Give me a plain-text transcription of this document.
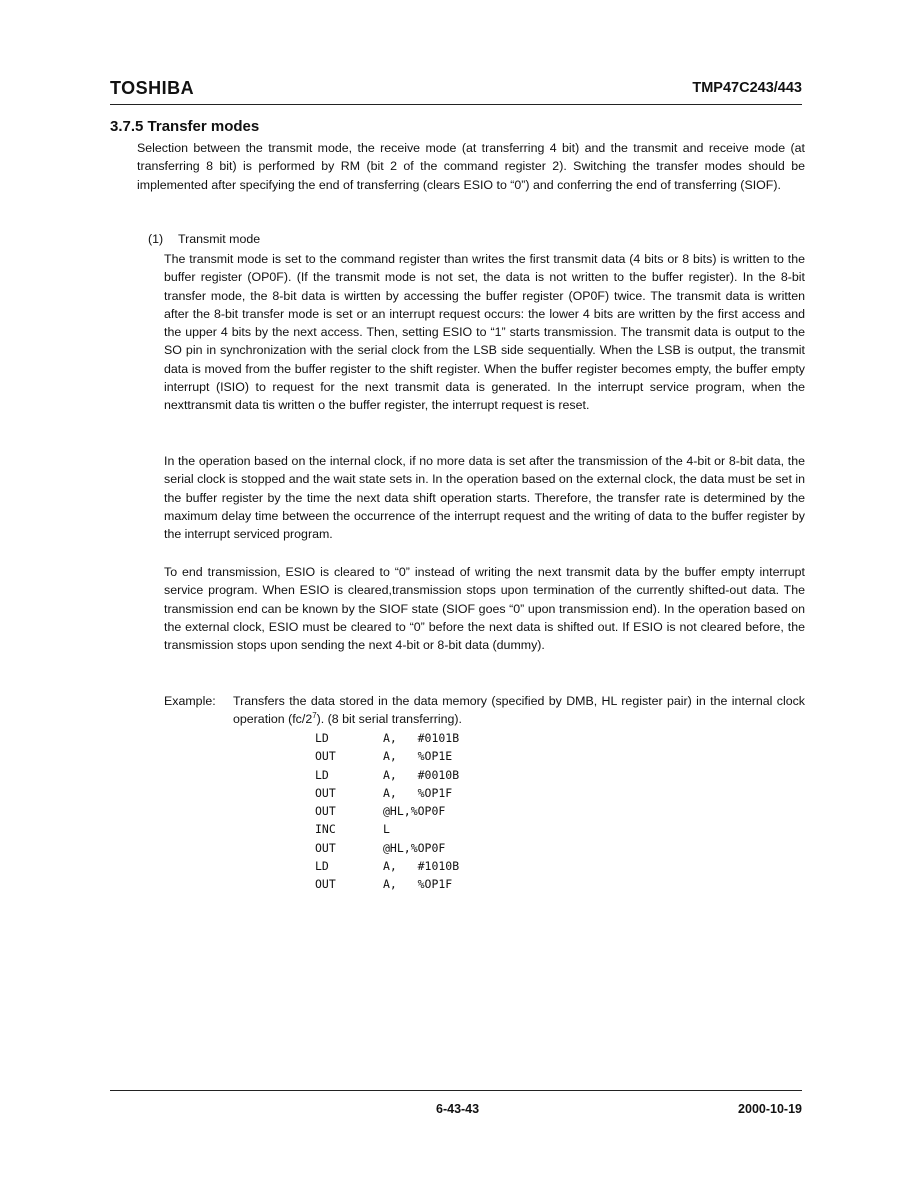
TOSHIBA	TMP47C243/443
3.7.5 Transfer modes

Selection between the transmit mode, the receive mode (at transferring 4 bit) and the transmit and receive mode (at transferring 8 bit) is performed by RM (bit 2 of the command register 2). Switching the transfer modes should be implemented after specifying the end of transferring (clears ESIO to “0”) and conferring the end of transferring (SIOF).

(1) Transmit mode

The transmit mode is set to the command register than writes the first transmit data (4 bits or 8 bits) is written to the buffer register (OP0F). (If the transmit mode is not set, the data is not written to the buffer register). In the 8-bit transfer mode, the 8-bit data is wirtten by accessing the buffer register (OP0F) twice. The transmit data is written after the 8-bit transfer mode is set or an interrupt request occurs: the lower 4 bits are written by the first access and the upper 4 bits by the next access. Then, setting ESIO to “1” starts transmission. The transmit data is output to the SO pin in synchronization with the serial clock from the LSB side sequentially. When the LSB is output, the transmit data is moved from the buffer register to the shift register. When the buffer register becomes empty, the buffer empty interrupt (ISIO) to request for the next transmit data is generated. In the interrupt service program, when the nexttransmit data tis written o the buffer register, the interrupt request is reset.

In the operation based on the internal clock, if no more data is set after the transmission of the 4-bit or 8-bit data, the serial clock is stopped and the wait state sets in. In the operation based on the external clock, the data must be set in the buffer register by the time the next data shift operation starts. Therefore, the transfer rate is determined by the maximum delay time between the occurrence of the interrupt request and the writing of data to the buffer register by the interrupt serviced program.

To end transmission, ESIO is cleared to “0” instead of writing the next transmit data by the buffer empty interrupt service program. When ESIO is cleared,transmission stops upon termination of the currently shifted-out data. The transmission end can be known by the SIOF state (SIOF goes “0” upon transmission end). In the operation based on the external clock, ESIO must be cleared to “0” before the next data is shifted out. If ESIO is not cleared before, the transmission stops upon sending the next 4-bit or 8-bit data (dummy).

Example: Transfers the data stored in the data memory (specified by DMB, HL register pair) in the internal clock operation $(fc/2^7)$. (8 bit serial transferring).
LD	A,   #0101B
OUT	A,   %OP1E
LD	A,   #0010B
OUT	A,   %OP1F
OUT	@HL,%OP0F
INC	L
OUT	@HL,%OP0F
LD	A,   #1010B
OUT	A,   %OP1F
6-43-43	2000-10-19
